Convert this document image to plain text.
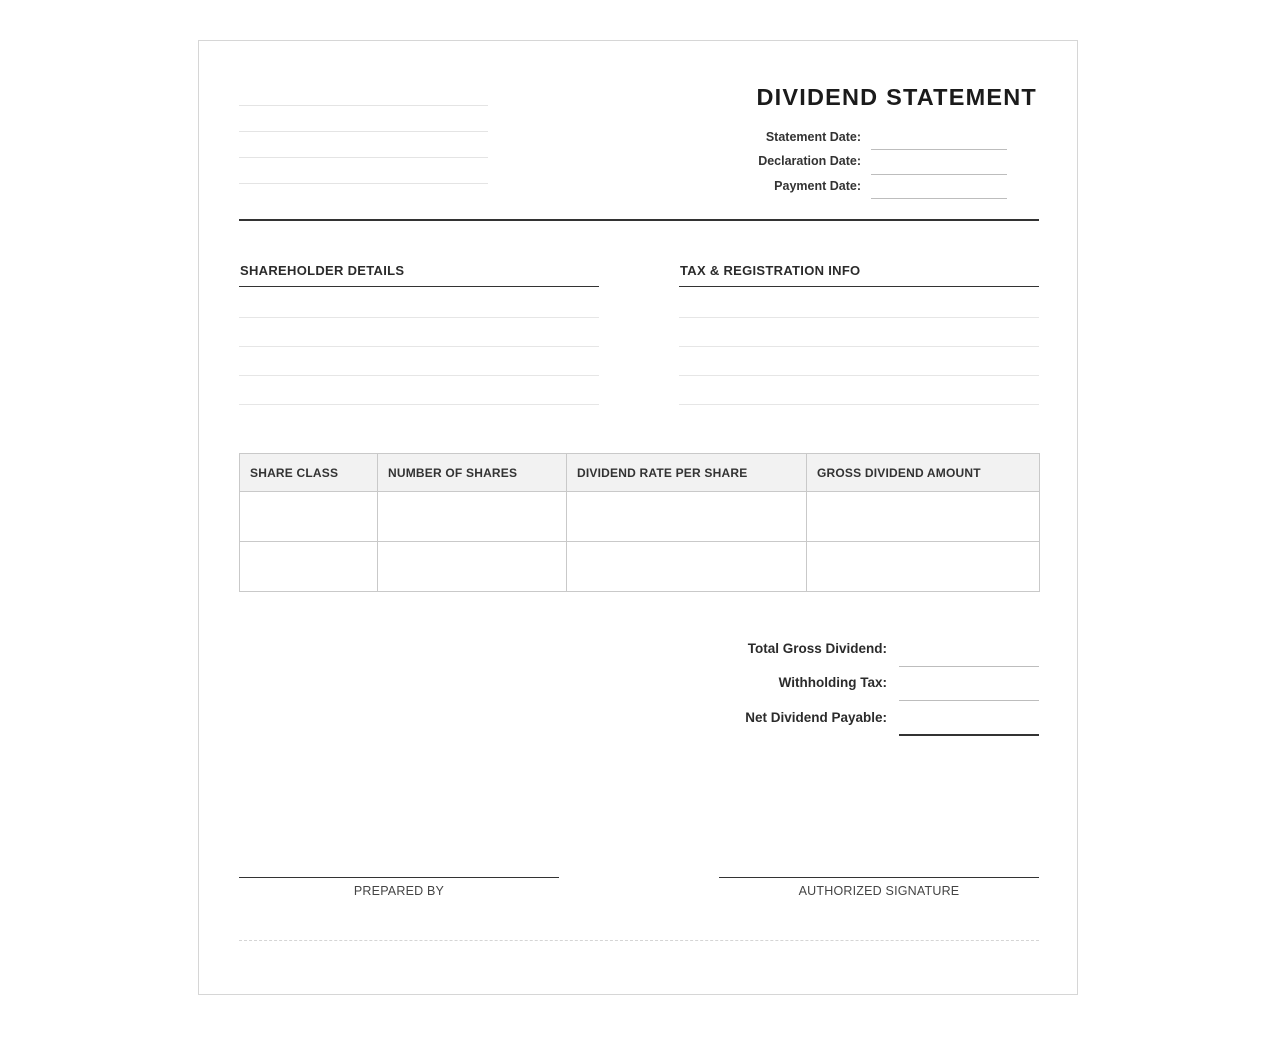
DIVIDEND STATEMENT
Statement Date:
Declaration Date:
Payment Date:
SHAREHOLDER DETAILS	TAX & REGISTRATION INFO
SHARE CLASS	NUMBER OF SHARES	DIVIDEND RATE PER SHARE	GROSS DIVIDEND AMOUNT

Total Gross Dividend:
Withholding Tax:
Net Dividend Payable:
PREPARED BY	AUTHORIZED SIGNATURE
